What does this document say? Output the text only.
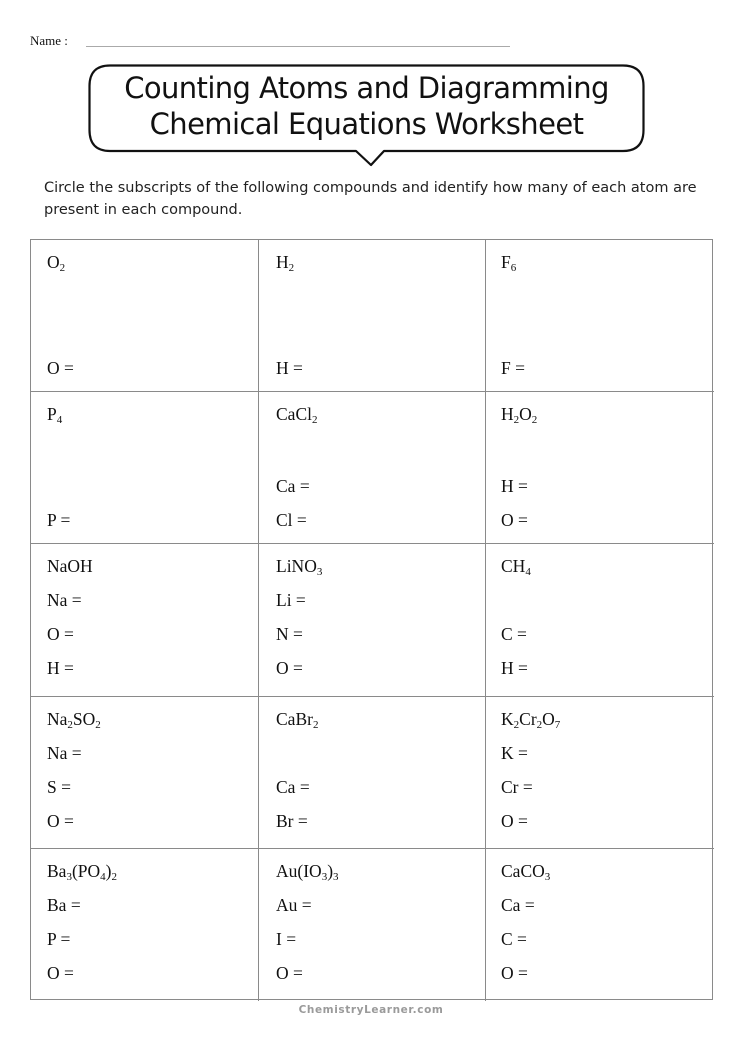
Name :
Counting Atoms and Diagramming
Chemical Equations Worksheet
Circle the subscripts of the following compounds and identify how many of each atom are present in each compound.
$O_2$
O =
$H_2$
H =
$F_6$
F =
$P_4$
P =
CaCl$_2$
Ca =
Cl =
$H_2O_2$
H =
O =
NaOH
Na =
O =
H =
LiNO$_3$
Li =
N =
O =
$CH_4$
C =
H =
$Na_2SO_2$
Na =
S =
O =
CaBr$_2$
Ca =
Br =
$K_2Cr_2O_7$
K =
Cr =
O =
$Ba_3(PO_4)_2$
Ba =
P =
O =
$Au(IO_3)_3$
Au =
I =
O =
CaCO$_3$
Ca =
C =
O =
ChemistryLearner.com
